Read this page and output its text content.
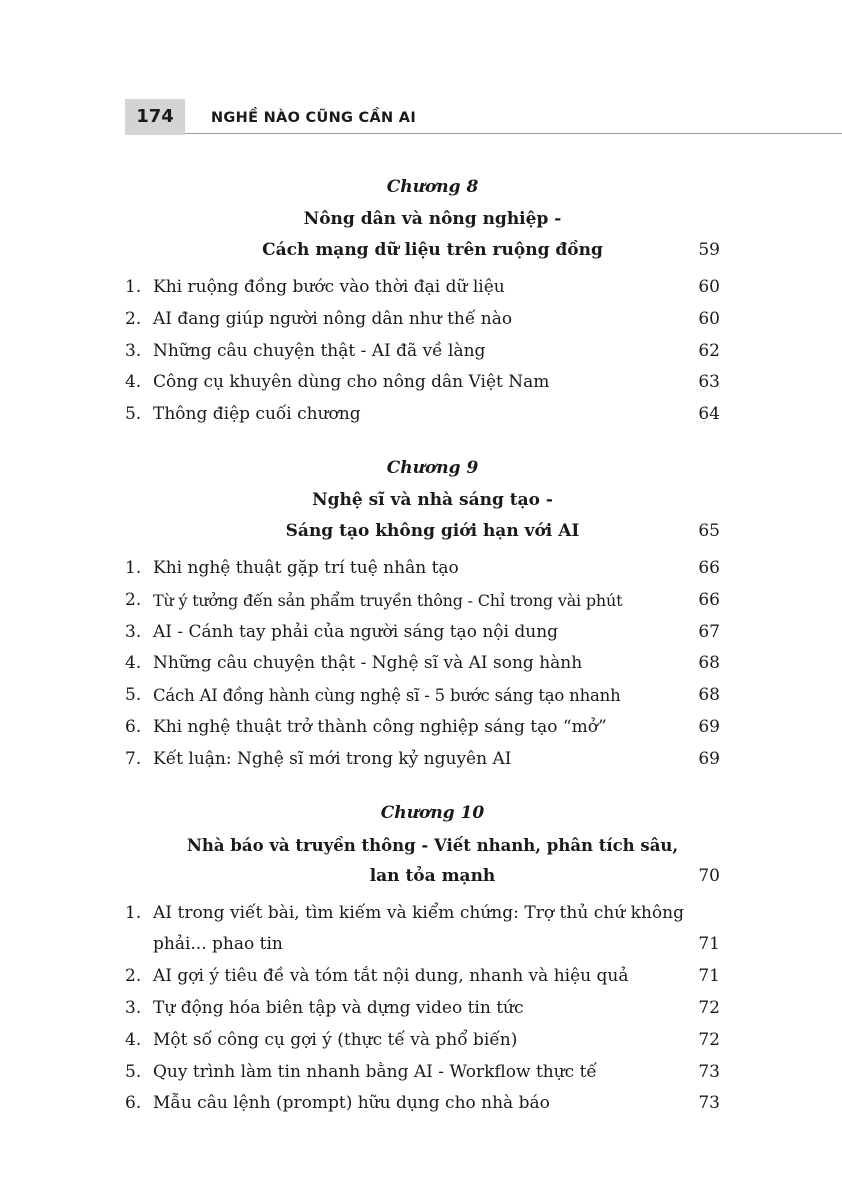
174	NGHỀ NÀO CŨNG CẦN AI
Chương 8
Nông dân và nông nghiệp -
Cách mạng dữ liệu trên ruộng đồng	59
1. Khi ruộng đồng bước vào thời đại dữ liệu	60
2. AI đang giúp người nông dân như thế nào	60
3. Những câu chuyện thật - AI đã về làng	62
4. Công cụ khuyên dùng cho nông dân Việt Nam	63
5. Thông điệp cuối chương	64
Chương 9
Nghệ sĩ và nhà sáng tạo -
Sáng tạo không giới hạn với AI	65
1. Khi nghệ thuật gặp trí tuệ nhân tạo	66
2. Từ ý tưởng đến sản phẩm truyền thông - Chỉ trong vài phút	66
3. AI - Cánh tay phải của người sáng tạo nội dung	67
4. Những câu chuyện thật - Nghệ sĩ và AI song hành	68
5. Cách AI đồng hành cùng nghệ sĩ - 5 bước sáng tạo nhanh	68
6. Khi nghệ thuật trở thành công nghiệp sáng tạo “mở”	69
7. Kết luận: Nghệ sĩ mới trong kỷ nguyên AI	69
Chương 10
Nhà báo và truyền thông - Viết nhanh, phân tích sâu,
lan tỏa mạnh	70
1. AI trong viết bài, tìm kiếm và kiểm chứng: Trợ thủ chứ không phải... phao tin	71
2. AI gợi ý tiêu đề và tóm tắt nội dung, nhanh và hiệu quả	71
3. Tự động hóa biên tập và dựng video tin tức	72
4. Một số công cụ gợi ý (thực tế và phổ biến)	72
5. Quy trình làm tin nhanh bằng AI - Workflow thực tế	73
6. Mẫu câu lệnh (prompt) hữu dụng cho nhà báo	73
